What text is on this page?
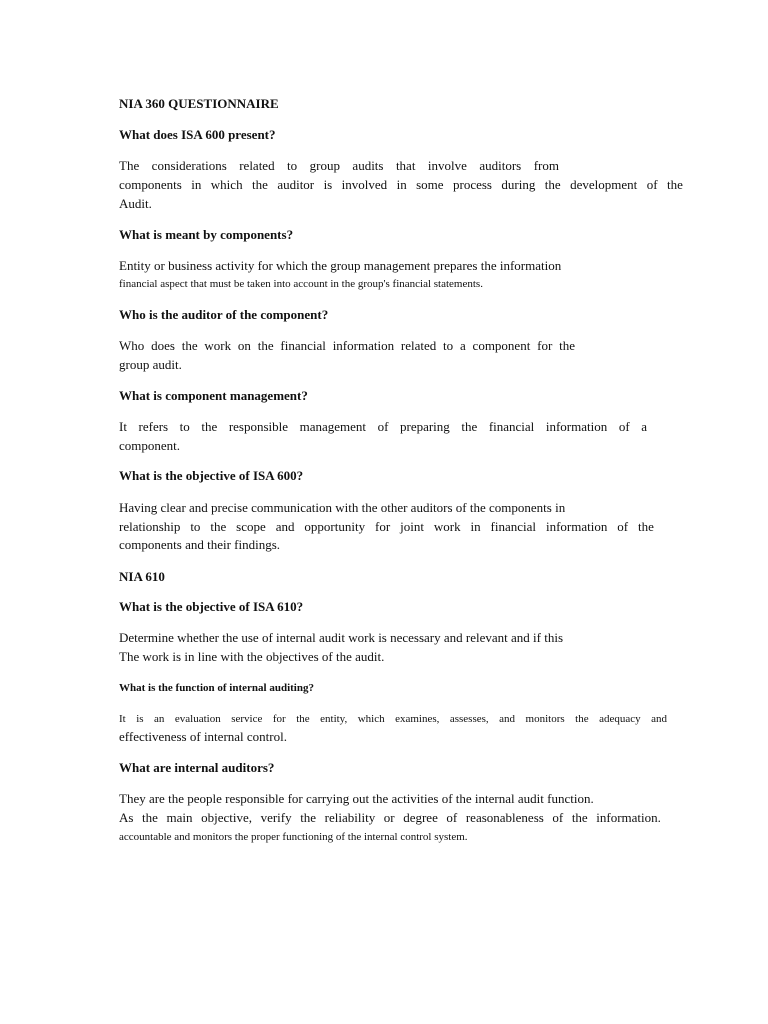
NIA 360 QUESTIONNAIRE

What does ISA 600 present?

The considerations related to group audits that involve auditors from

components in which the auditor is involved in some process during the development of the

Audit.

What is meant by components?

Entity or business activity for which the group management prepares the information

financial aspect that must be taken into account in the group's financial statements.

Who is the auditor of the component?

Who does the work on the financial information related to a component for the

group audit.

What is component management?

It refers to the responsible management of preparing the financial information of a

component.

What is the objective of ISA 600?

Having clear and precise communication with the other auditors of the components in

relationship to the scope and opportunity for joint work in financial information of the

components and their findings.

NIA 610

What is the objective of ISA 610?

Determine whether the use of internal audit work is necessary and relevant and if this

The work is in line with the objectives of the audit.

What is the function of internal auditing?

It is an evaluation service for the entity, which examines, assesses, and monitors the adequacy and

effectiveness of internal control.

What are internal auditors?

They are the people responsible for carrying out the activities of the internal audit function.

As the main objective, verify the reliability or degree of reasonableness of the information.

accountable and monitors the proper functioning of the internal control system.
